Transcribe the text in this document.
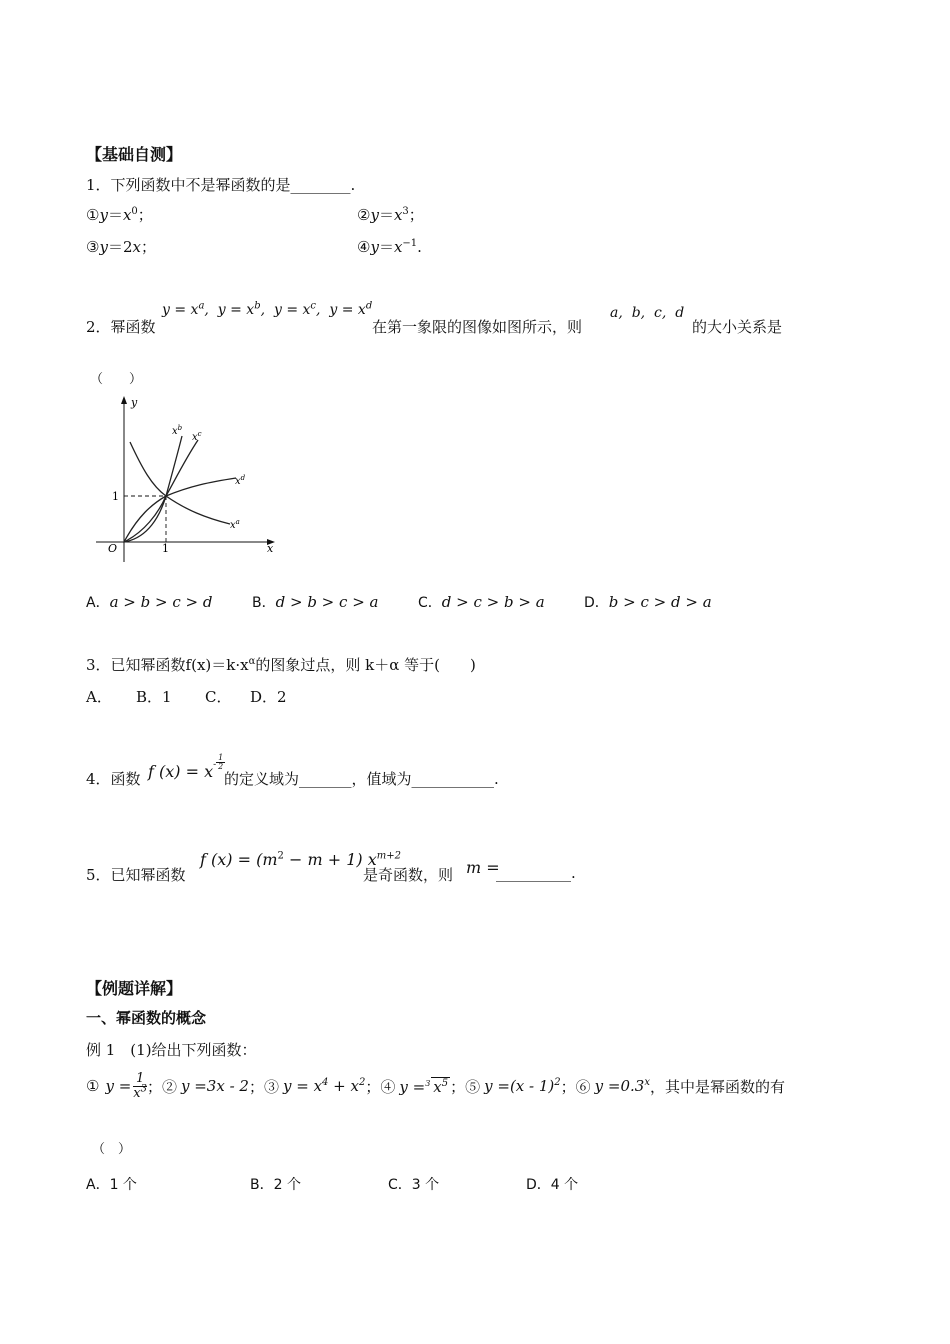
【基础自测】
1．下列函数中不是幂函数的是________.
$①y=x^0$；	$②y=x^3$；
③y＝2x；	$④y=x^{-1}$.
2．幂函数
$y = x^a$,  $y = x^b$,  $y = x^c$,  $y = x^d$
在第一象限的图像如图所示，则
a,  b,  c,  d
的大小关系是
（　　）
y
x
O	1
1
$x^b$
$x^c$
$x^d$
$x^a$
A．a > b > c > d	B．d > b > c > a	C．d > c > b > a	D．b > c > d > a
3．已知幂函数$f(x)=k\cdot x^\alpha$的图象过点，则 k＋α 等于(　　)
A． B．1 C． D．2
4．函数 f $(x) = x^- \frac{1}{2}$
的定义域为_______，值域为___________.
5．已知幂函数
f $(x) = (m^2 - m + 1)$ $x^{m+2}$
是奇函数，则 m =
__________.
【例题详解】
一、幂函数的概念
例 1　(1)给出下列函数：
① $y = \frac{1}{x^3}$ ；② y =3x - 2 ；③ $y = x^4 + x^2$ ；④ y =$^3$ $x^5$ ；⑤ y =(x - 1)$^2$ ；⑥ $y =0.3^x$ ，其中是幂函数的有
（　）
A．1 个	B．2 个	C．3 个	D．4 个
